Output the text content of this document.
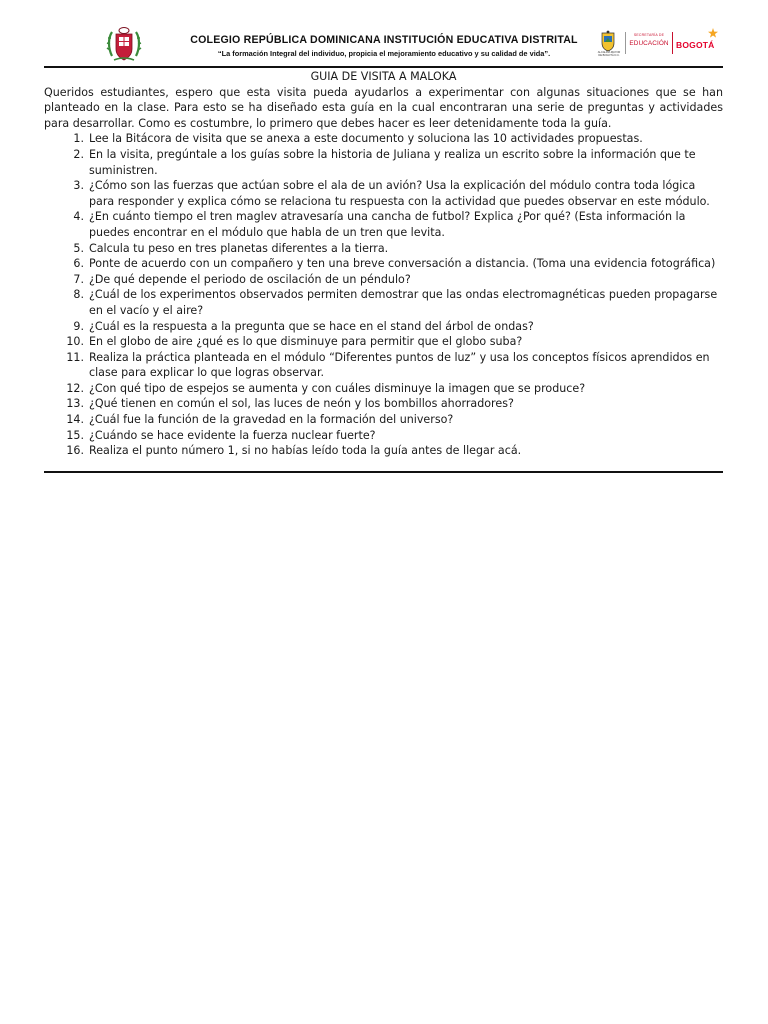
COLEGIO REPÚBLICA DOMINICANA INSTITUCIÓN EDUCATIVA DISTRITAL
“La formación Integral del individuo, propicia el mejoramiento educativo y su calidad de vida”.	ALCALDÍA MAYOR DE BOGOTÁ D.C.
SECRETARÍA DE
EDUCACIÓN BOGOTÁ
GUIA DE VISITA A MALOKA

Queridos estudiantes, espero que esta visita pueda ayudarlos a experimentar con algunas situaciones que se han planteado en la clase. Para esto se ha diseñado esta guía en la cual encontraran una serie de preguntas y actividades para desarrollar. Como es costumbre, lo primero que debes hacer es leer detenidamente toda la guía.

1. Lee la Bitácora de visita que se anexa a este documento y soluciona las 10 actividades propuestas.
2. En la visita, pregúntale a los guías sobre la historia de Juliana y realiza un escrito sobre la información que te suministren.
3. ¿Cómo son las fuerzas que actúan sobre el ala de un avión? Usa la explicación del módulo contra toda lógica para responder y explica cómo se relaciona tu respuesta con la actividad que puedes observar en este módulo.
4. ¿En cuánto tiempo el tren maglev atravesaría una cancha de futbol? Explica ¿Por qué? (Esta información la puedes encontrar en el módulo que habla de un tren que levita.
5. Calcula tu peso en tres planetas diferentes a la tierra.
6. Ponte de acuerdo con un compañero y ten una breve conversación a distancia. (Toma una evidencia fotográfica)
7. ¿De qué depende el periodo de oscilación de un péndulo?
8. ¿Cuál de los experimentos observados permiten demostrar que las ondas electromagnéticas pueden propagarse en el vacío y el aire?
9. ¿Cuál es la respuesta a la pregunta que se hace en el stand del árbol de ondas?
10. En el globo de aire ¿qué es lo que disminuye para permitir que el globo suba?
11. Realiza la práctica planteada en el módulo “Diferentes puntos de luz” y usa los conceptos físicos aprendidos en clase para explicar lo que logras observar.
12. ¿Con qué tipo de espejos se aumenta y con cuáles disminuye la imagen que se produce?
13. ¿Qué tienen en común el sol, las luces de neón y los bombillos ahorradores?
14. ¿Cuál fue la función de la gravedad en la formación del universo?
15. ¿Cuándo se hace evidente la fuerza nuclear fuerte?
16. Realiza el punto número 1, si no habías leído toda la guía antes de llegar acá.
